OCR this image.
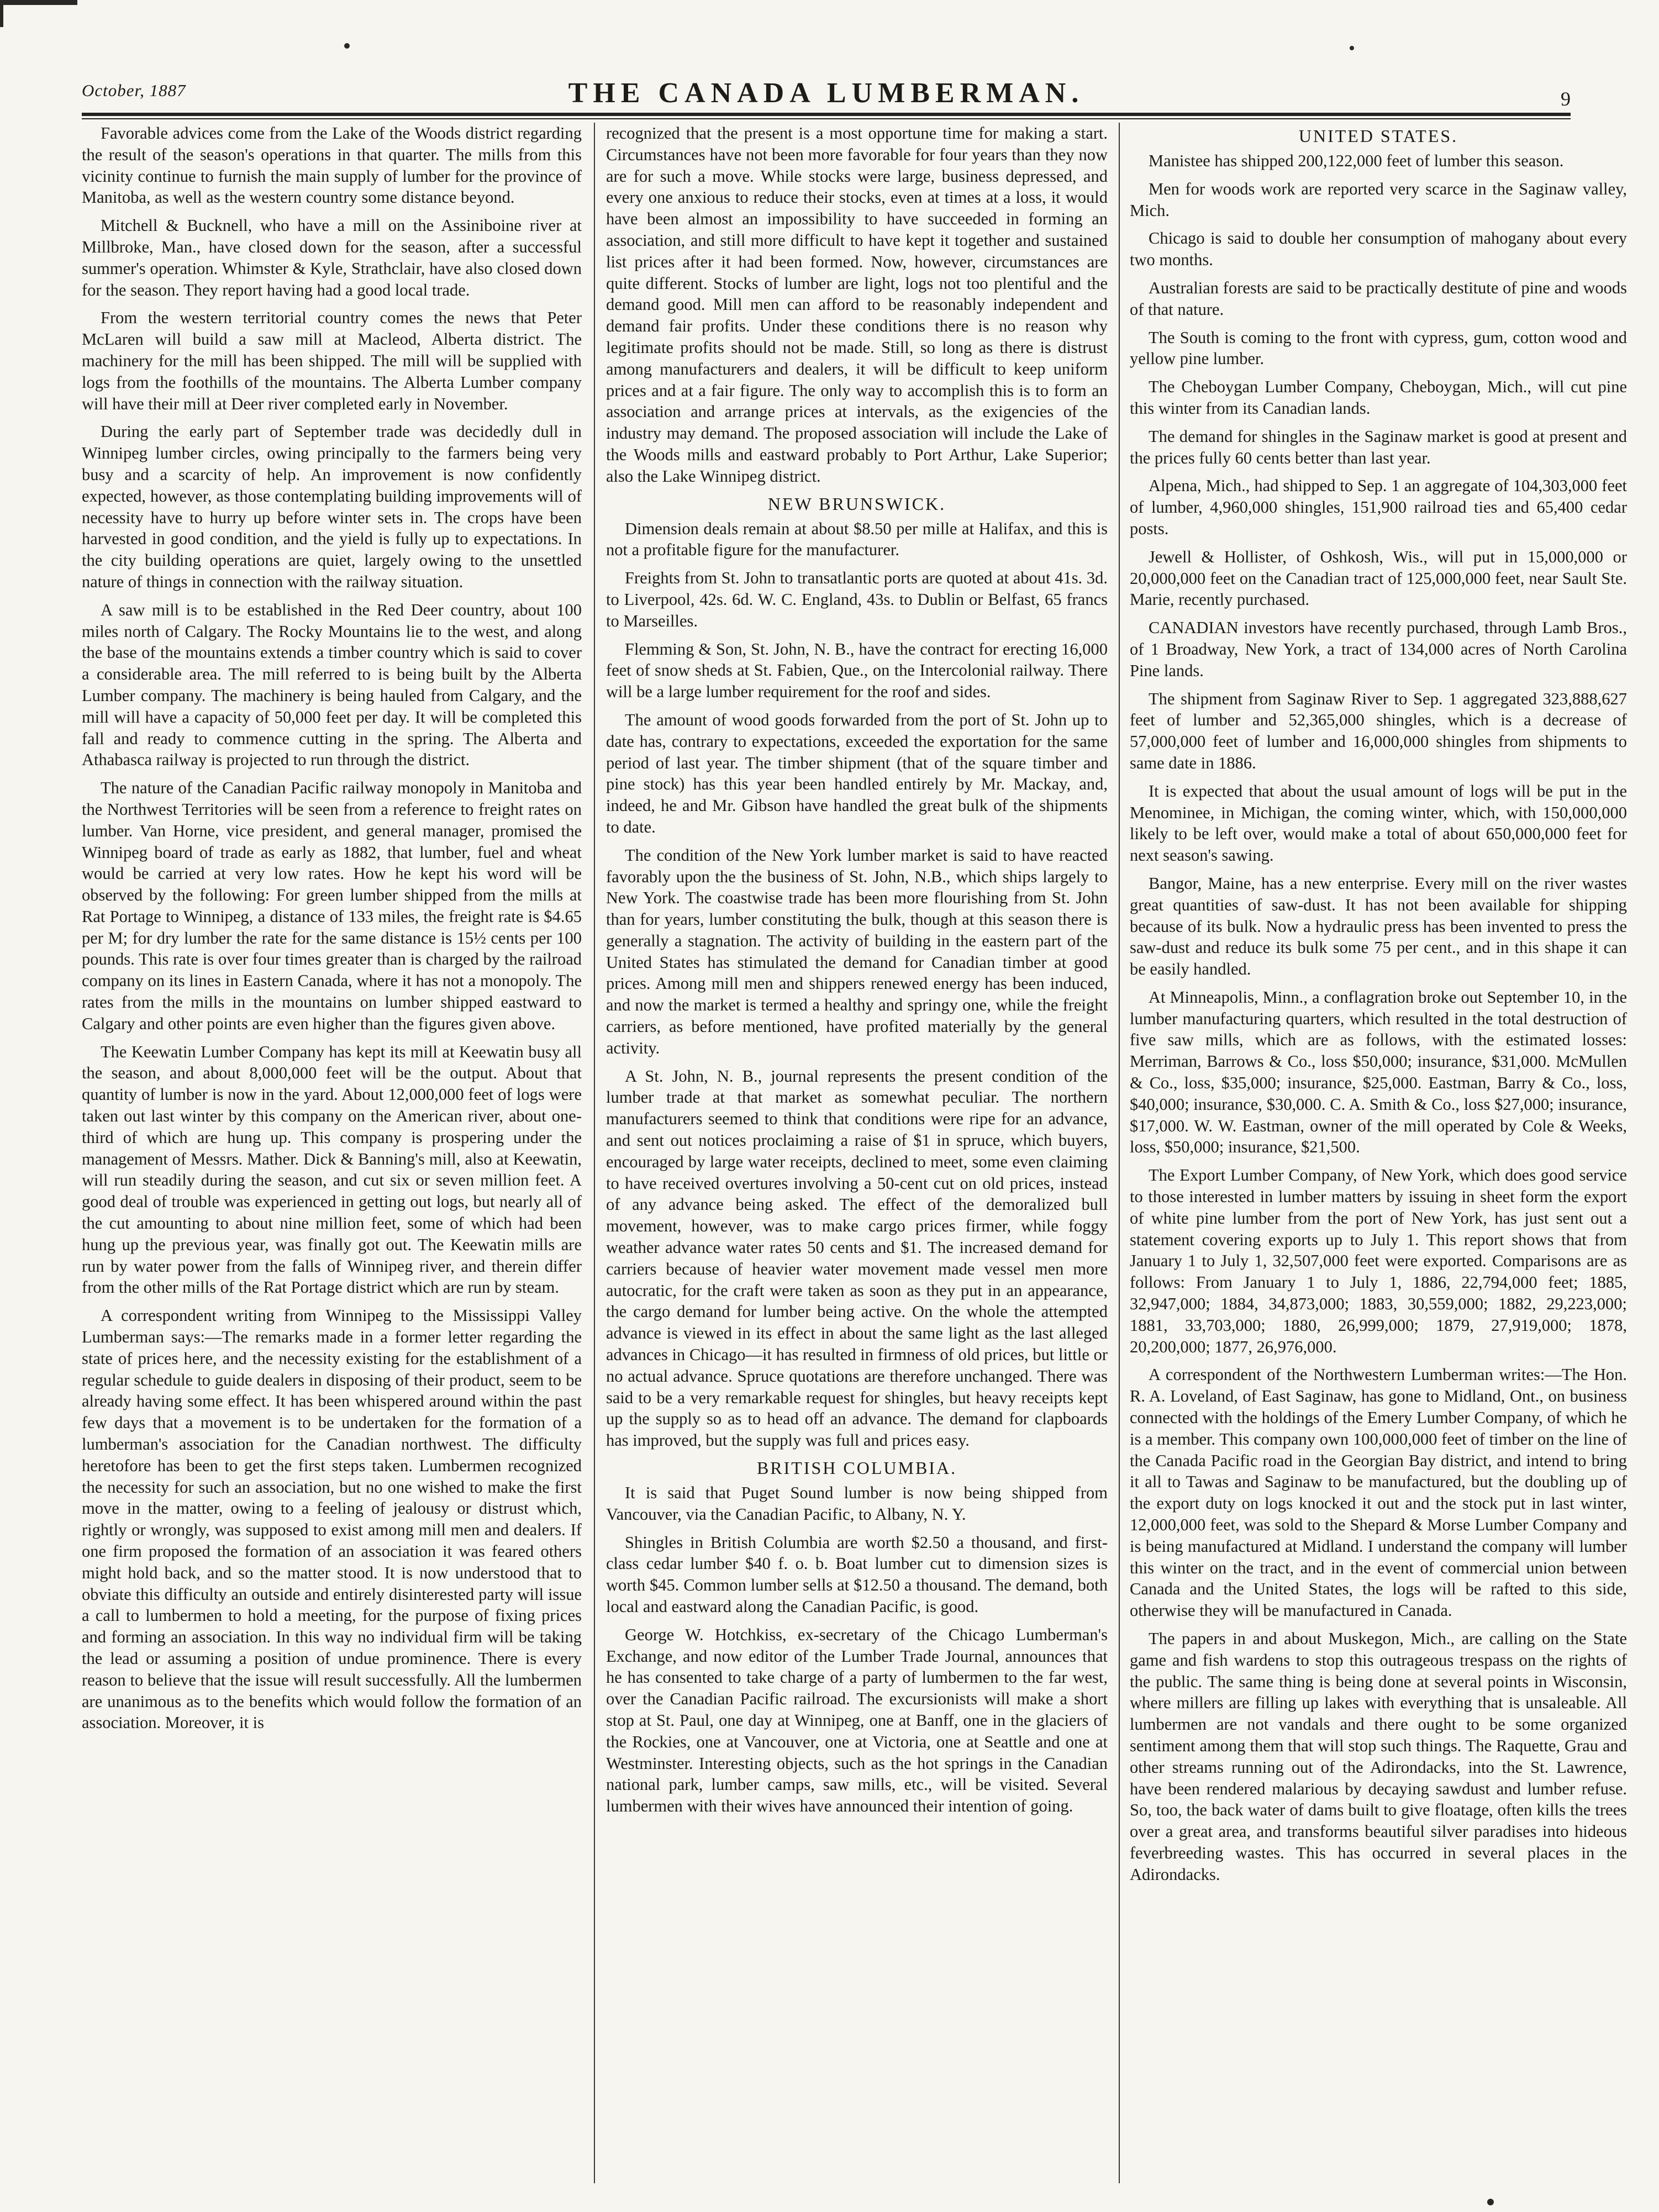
October, 1887	THE CANADA LUMBERMAN.	9

Favorable advices come from the Lake of the Woods district regarding the result of the season's operations in that quarter. The mills from this vicinity continue to furnish the main supply of lumber for the province of Manitoba, as well as the western country some distance beyond.

Mitchell & Bucknell, who have a mill on the Assiniboine river at Millbroke, Man., have closed down for the season, after a successful summer's operation. Whimster & Kyle, Strathclair, have also closed down for the season. They report having had a good local trade.

From the western territorial country comes the news that Peter McLaren will build a saw mill at Macleod, Alberta district. The machinery for the mill has been shipped. The mill will be supplied with logs from the foothills of the mountains. The Alberta Lumber company will have their mill at Deer river completed early in November.

During the early part of September trade was decidedly dull in Winnipeg lumber circles, owing principally to the farmers being very busy and a scarcity of help. An improvement is now confidently expected, however, as those contemplating building improvements will of necessity have to hurry up before winter sets in. The crops have been harvested in good condition, and the yield is fully up to expectations. In the city building operations are quiet, largely owing to the unsettled nature of things in connection with the railway situation.

A saw mill is to be established in the Red Deer country, about 100 miles north of Calgary. The Rocky Mountains lie to the west, and along the base of the mountains extends a timber country which is said to cover a considerable area. The mill referred to is being built by the Alberta Lumber company. The machinery is being hauled from Calgary, and the mill will have a capacity of 50,000 feet per day. It will be completed this fall and ready to commence cutting in the spring. The Alberta and Athabasca railway is projected to run through the district.

The nature of the Canadian Pacific railway monopoly in Manitoba and the Northwest Territories will be seen from a reference to freight rates on lumber. Van Horne, vice president, and general manager, promised the Winnipeg board of trade as early as 1882, that lumber, fuel and wheat would be carried at very low rates. How he kept his word will be observed by the following: For green lumber shipped from the mills at Rat Portage to Winnipeg, a distance of 133 miles, the freight rate is $4.65 per M; for dry lumber the rate for the same distance is 15½ cents per 100 pounds. This rate is over four times greater than is charged by the railroad company on its lines in Eastern Canada, where it has not a monopoly. The rates from the mills in the mountains on lumber shipped eastward to Calgary and other points are even higher than the figures given above.

The Keewatin Lumber Company has kept its mill at Keewatin busy all the season, and about 8,000,000 feet will be the output. About that quantity of lumber is now in the yard. About 12,000,000 feet of logs were taken out last winter by this company on the American river, about one-third of which are hung up. This company is prospering under the management of Messrs. Mather. Dick & Banning's mill, also at Keewatin, will run steadily during the season, and cut six or seven million feet. A good deal of trouble was experienced in getting out logs, but nearly all of the cut amounting to about nine million feet, some of which had been hung up the previous year, was finally got out. The Keewatin mills are run by water power from the falls of Winnipeg river, and therein differ from the other mills of the Rat Portage district which are run by steam.

A correspondent writing from Winnipeg to the Mississippi Valley Lumberman says:—The remarks made in a former letter regarding the state of prices here, and the necessity existing for the establishment of a regular schedule to guide dealers in disposing of their product, seem to be already having some effect. It has been whispered around within the past few days that a movement is to be undertaken for the formation of a lumberman's association for the Canadian northwest. The difficulty heretofore has been to get the first steps taken. Lumbermen recognized the necessity for such an association, but no one wished to make the first move in the matter, owing to a feeling of jealousy or distrust which, rightly or wrongly, was supposed to exist among mill men and dealers. If one firm proposed the formation of an association it was feared others might hold back, and so the matter stood. It is now understood that to obviate this difficulty an outside and entirely disinterested party will issue a call to lumbermen to hold a meeting, for the purpose of fixing prices and forming an association. In this way no individual firm will be taking the lead or assuming a position of undue prominence. There is every reason to believe that the issue will result successfully. All the lumbermen are unanimous as to the benefits which would follow the formation of an association. Moreover, it is

recognized that the present is a most opportune time for making a start. Circumstances have not been more favorable for four years than they now are for such a move. While stocks were large, business depressed, and every one anxious to reduce their stocks, even at times at a loss, it would have been almost an impossibility to have succeeded in forming an association, and still more difficult to have kept it together and sustained list prices after it had been formed. Now, however, circumstances are quite different. Stocks of lumber are light, logs not too plentiful and the demand good. Mill men can afford to be reasonably independent and demand fair profits. Under these conditions there is no reason why legitimate profits should not be made. Still, so long as there is distrust among manufacturers and dealers, it will be difficult to keep uniform prices and at a fair figure. The only way to accomplish this is to form an association and arrange prices at intervals, as the exigencies of the industry may demand. The proposed association will include the Lake of the Woods mills and eastward probably to Port Arthur, Lake Superior; also the Lake Winnipeg district.

NEW BRUNSWICK.

Dimension deals remain at about $8.50 per mille at Halifax, and this is not a profitable figure for the manufacturer.

Freights from St. John to transatlantic ports are quoted at about 41s. 3d. to Liverpool, 42s. 6d. W. C. England, 43s. to Dublin or Belfast, 65 francs to Marseilles.

Flemming & Son, St. John, N. B., have the contract for erecting 16,000 feet of snow sheds at St. Fabien, Que., on the Intercolonial railway. There will be a large lumber requirement for the roof and sides.

The amount of wood goods forwarded from the port of St. John up to date has, contrary to expectations, exceeded the exportation for the same period of last year. The timber shipment (that of the square timber and pine stock) has this year been handled entirely by Mr. Mackay, and, indeed, he and Mr. Gibson have handled the great bulk of the shipments to date.

The condition of the New York lumber market is said to have reacted favorably upon the the business of St. John, N.B., which ships largely to New York. The coastwise trade has been more flourishing from St. John than for years, lumber constituting the bulk, though at this season there is generally a stagnation. The activity of building in the eastern part of the United States has stimulated the demand for Canadian timber at good prices. Among mill men and shippers renewed energy has been induced, and now the market is termed a healthy and springy one, while the freight carriers, as before mentioned, have profited materially by the general activity.

A St. John, N. B., journal represents the present condition of the lumber trade at that market as somewhat peculiar. The northern manufacturers seemed to think that conditions were ripe for an advance, and sent out notices proclaiming a raise of $1 in spruce, which buyers, encouraged by large water receipts, declined to meet, some even claiming to have received overtures involving a 50-cent cut on old prices, instead of any advance being asked. The effect of the demoralized bull movement, however, was to make cargo prices firmer, while foggy weather advance water rates 50 cents and $1. The increased demand for carriers because of heavier water movement made vessel men more autocratic, for the craft were taken as soon as they put in an appearance, the cargo demand for lumber being active. On the whole the attempted advance is viewed in its effect in about the same light as the last alleged advances in Chicago—it has resulted in firmness of old prices, but little or no actual advance. Spruce quotations are therefore unchanged. There was said to be a very remarkable request for shingles, but heavy receipts kept up the supply so as to head off an advance. The demand for clapboards has improved, but the supply was full and prices easy.

BRITISH COLUMBIA.

It is said that Puget Sound lumber is now being shipped from Vancouver, via the Canadian Pacific, to Albany, N. Y.

Shingles in British Columbia are worth $2.50 a thousand, and first-class cedar lumber $40 f. o. b. Boat lumber cut to dimension sizes is worth $45. Common lumber sells at $12.50 a thousand. The demand, both local and eastward along the Canadian Pacific, is good.

George W. Hotchkiss, ex-secretary of the Chicago Lumberman's Exchange, and now editor of the Lumber Trade Journal, announces that he has consented to take charge of a party of lumbermen to the far west, over the Canadian Pacific railroad. The excursionists will make a short stop at St. Paul, one day at Winnipeg, one at Banff, one in the glaciers of the Rockies, one at Vancouver, one at Victoria, one at Seattle and one at Westminster. Interesting objects, such as the hot springs in the Canadian national park, lumber camps, saw mills, etc., will be visited. Several lumbermen with their wives have announced their intention of going.

UNITED STATES.

Manistee has shipped 200,122,000 feet of lumber this season.

Men for woods work are reported very scarce in the Saginaw valley, Mich.

Chicago is said to double her consumption of mahogany about every two months.

Australian forests are said to be practically destitute of pine and woods of that nature.

The South is coming to the front with cypress, gum, cotton wood and yellow pine lumber.

The Cheboygan Lumber Company, Cheboygan, Mich., will cut pine this winter from its Canadian lands.

The demand for shingles in the Saginaw market is good at present and the prices fully 60 cents better than last year.

Alpena, Mich., had shipped to Sep. 1 an aggregate of 104,303,000 feet of lumber, 4,960,000 shingles, 151,900 railroad ties and 65,400 cedar posts.

Jewell & Hollister, of Oshkosh, Wis., will put in 15,000,000 or 20,000,000 feet on the Canadian tract of 125,000,000 feet, near Sault Ste. Marie, recently purchased.

CANADIAN investors have recently purchased, through Lamb Bros., of 1 Broadway, New York, a tract of 134,000 acres of North Carolina Pine lands.

The shipment from Saginaw River to Sep. 1 aggregated 323,888,627 feet of lumber and 52,365,000 shingles, which is a decrease of 57,000,000 feet of lumber and 16,000,000 shingles from shipments to same date in 1886.

It is expected that about the usual amount of logs will be put in the Menominee, in Michigan, the coming winter, which, with 150,000,000 likely to be left over, would make a total of about 650,000,000 feet for next season's sawing.

Bangor, Maine, has a new enterprise. Every mill on the river wastes great quantities of saw-dust. It has not been available for shipping because of its bulk. Now a hydraulic press has been invented to press the saw-dust and reduce its bulk some 75 per cent., and in this shape it can be easily handled.

At Minneapolis, Minn., a conflagration broke out September 10, in the lumber manufacturing quarters, which resulted in the total destruction of five saw mills, which are as follows, with the estimated losses: Merriman, Barrows & Co., loss $50,000; insurance, $31,000. McMullen & Co., loss, $35,000; insurance, $25,000. Eastman, Barry & Co., loss, $40,000; insurance, $30,000. C. A. Smith & Co., loss $27,000; insurance, $17,000. W. W. Eastman, owner of the mill operated by Cole & Weeks, loss, $50,000; insurance, $21,500.

The Export Lumber Company, of New York, which does good service to those interested in lumber matters by issuing in sheet form the export of white pine lumber from the port of New York, has just sent out a statement covering exports up to July 1. This report shows that from January 1 to July 1, 32,507,000 feet were exported. Comparisons are as follows: From January 1 to July 1, 1886, 22,794,000 feet; 1885, 32,947,000; 1884, 34,873,000; 1883, 30,559,000; 1882, 29,223,000; 1881, 33,703,000; 1880, 26,999,000; 1879, 27,919,000; 1878, 20,200,000; 1877, 26,976,000.

A correspondent of the Northwestern Lumberman writes:—The Hon. R. A. Loveland, of East Saginaw, has gone to Midland, Ont., on business connected with the holdings of the Emery Lumber Company, of which he is a member. This company own 100,000,000 feet of timber on the line of the Canada Pacific road in the Georgian Bay district, and intend to bring it all to Tawas and Saginaw to be manufactured, but the doubling up of the export duty on logs knocked it out and the stock put in last winter, 12,000,000 feet, was sold to the Shepard & Morse Lumber Company and is being manufactured at Midland. I understand the company will lumber this winter on the tract, and in the event of commercial union between Canada and the United States, the logs will be rafted to this side, otherwise they will be manufactured in Canada.

The papers in and about Muskegon, Mich., are calling on the State game and fish wardens to stop this outrageous trespass on the rights of the public. The same thing is being done at several points in Wisconsin, where millers are filling up lakes with everything that is unsaleable. All lumbermen are not vandals and there ought to be some organized sentiment among them that will stop such things. The Raquette, Grau and other streams running out of the Adirondacks, into the St. Lawrence, have been rendered malarious by decaying sawdust and lumber refuse. So, too, the back water of dams built to give floatage, often kills the trees over a great area, and transforms beautiful silver paradises into hideous feverbreeding wastes. This has occurred in several places in the Adirondacks.
